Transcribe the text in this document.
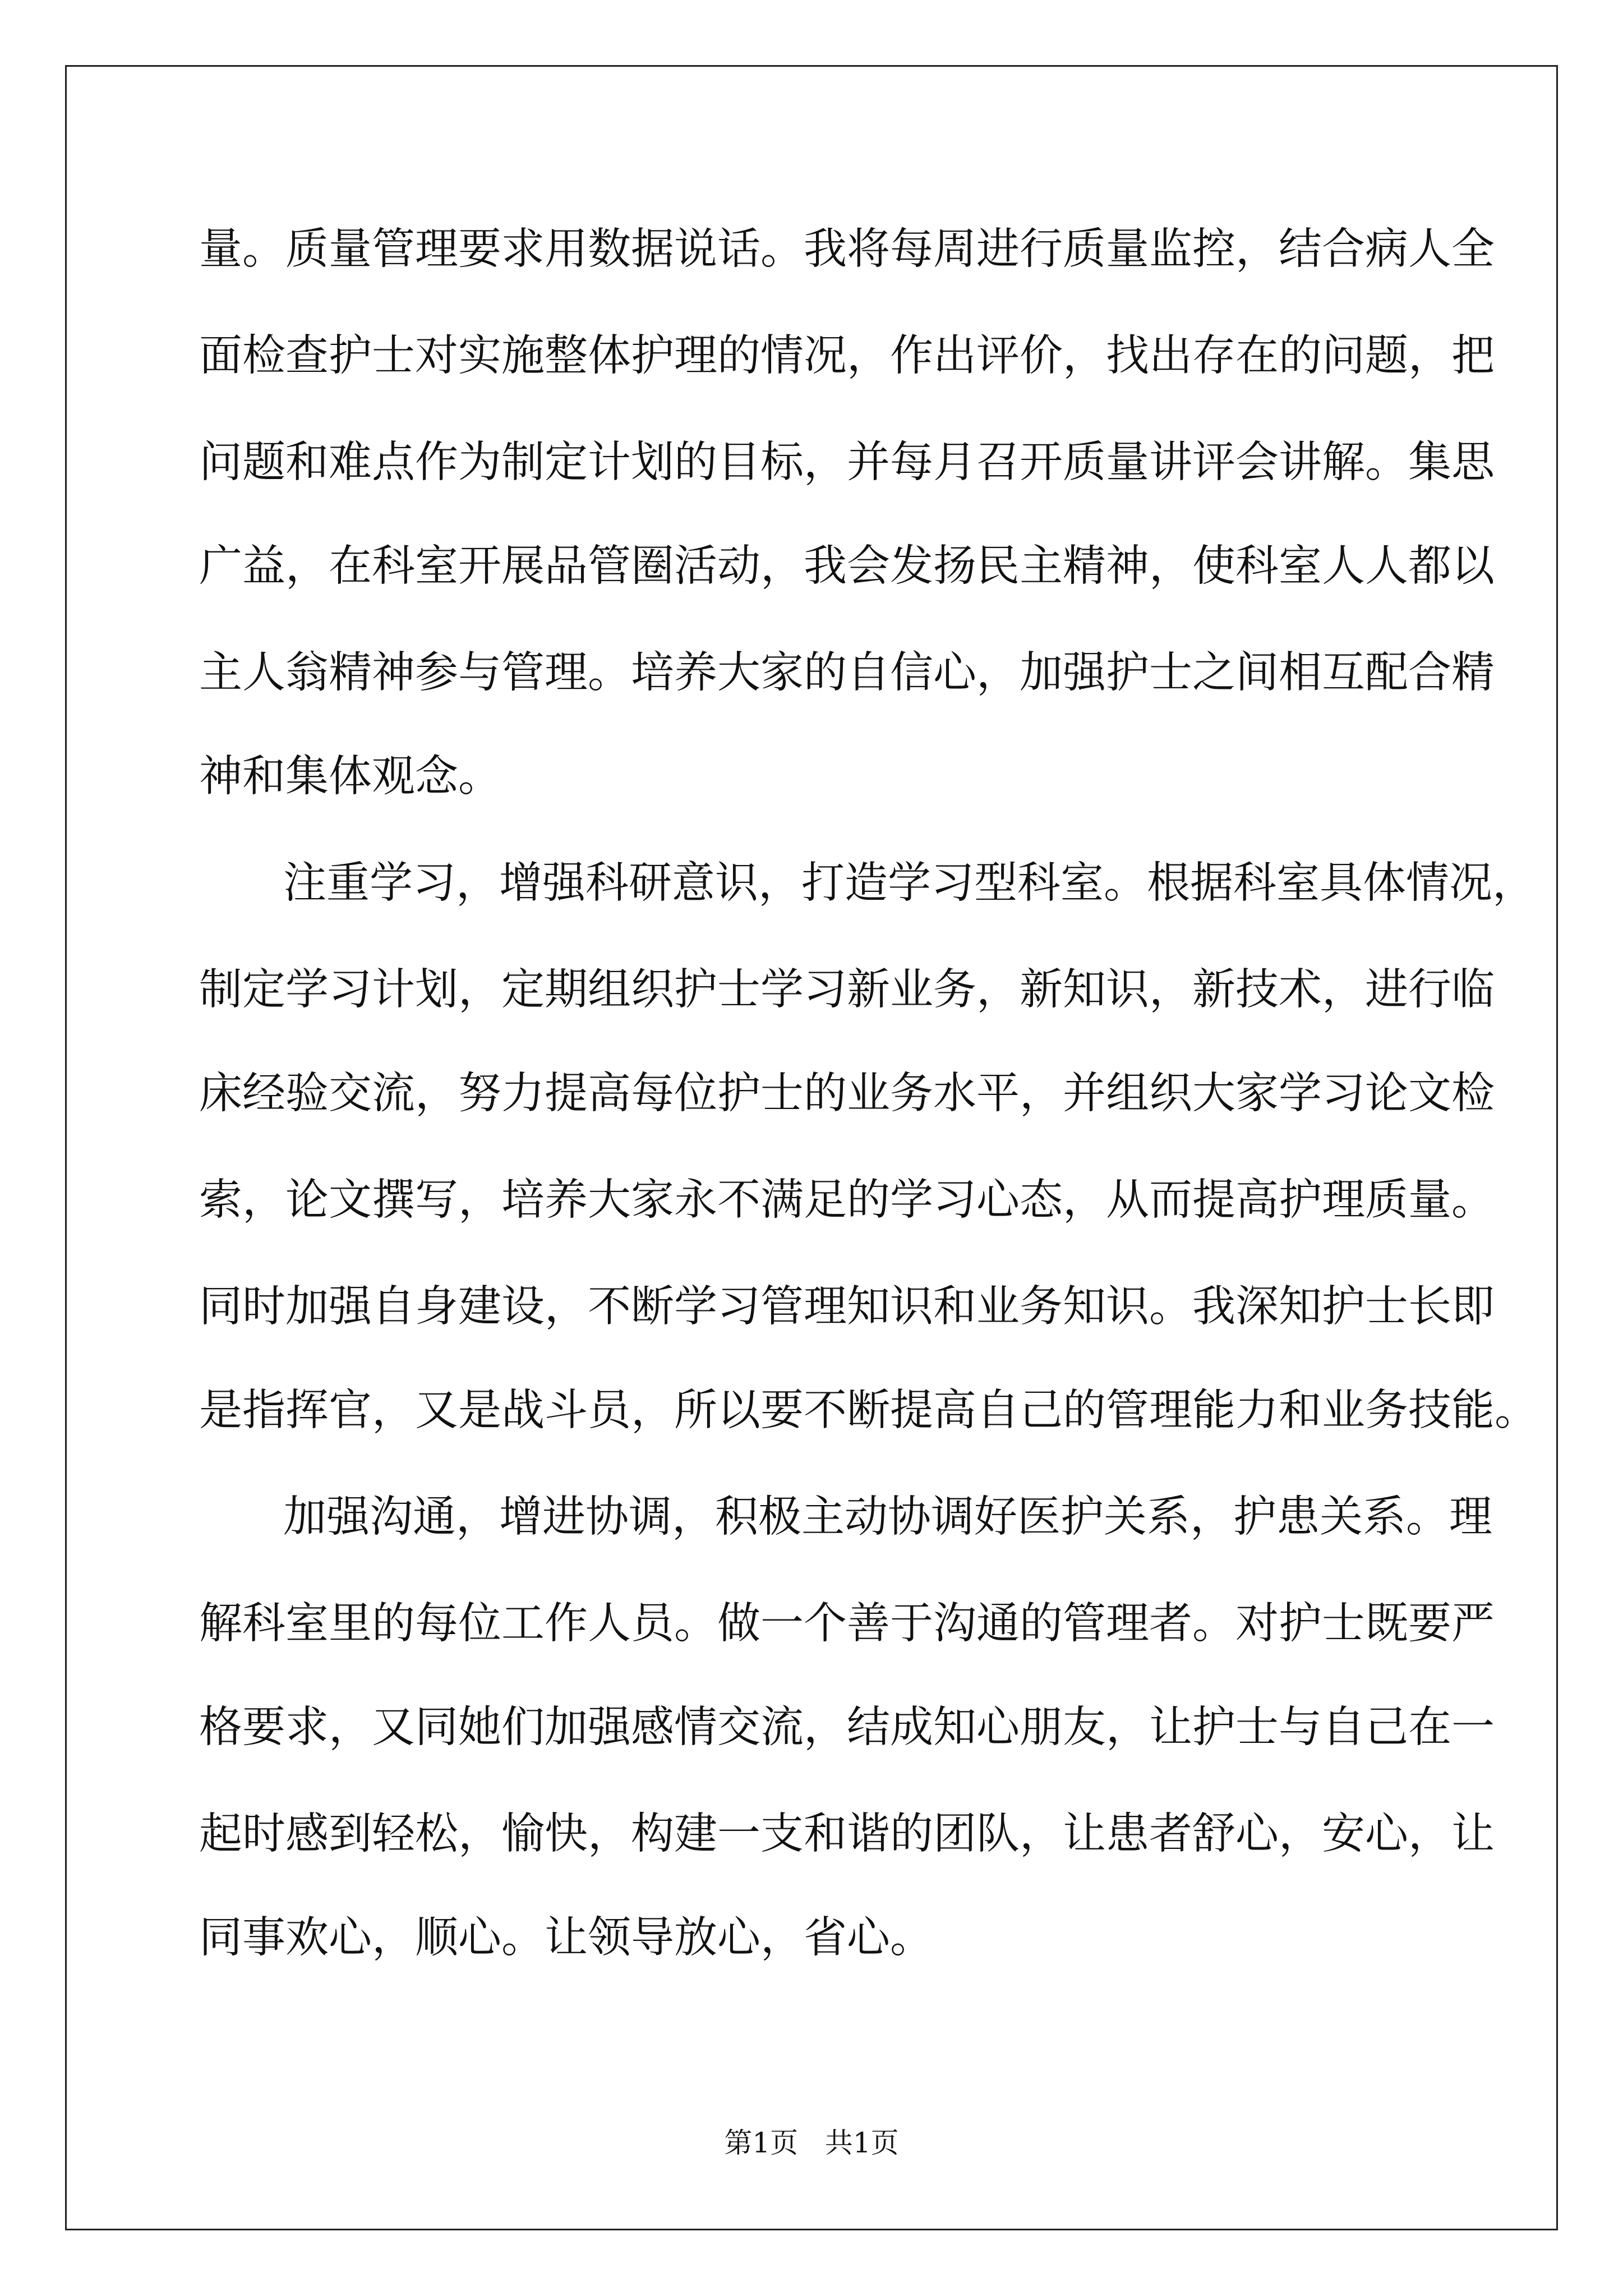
量。质量管理要求用数据说话。我将每周进行质量监控，结合病人全
面检查护士对实施整体护理的情况，作出评价，找出存在的问题，把
问题和难点作为制定计划的目标，并每月召开质量讲评会讲解。集思
广益，在科室开展品管圈活动，我会发扬民主精神，使科室人人都以
主人翁精神参与管理。培养大家的自信心，加强护士之间相互配合精
神和集体观念。
注重学习，增强科研意识，打造学习型科室。根据科室具体情况，
制定学习计划，定期组织护士学习新业务，新知识，新技术，进行临
床经验交流，努力提高每位护士的业务水平，并组织大家学习论文检
索，论文撰写，培养大家永不满足的学习心态，从而提高护理质量。
同时加强自身建设，不断学习管理知识和业务知识。我深知护士长即
是指挥官，又是战斗员，所以要不断提高自己的管理能力和业务技能。
加强沟通，增进协调，积极主动协调好医护关系，护患关系。理
解科室里的每位工作人员。做一个善于沟通的管理者。对护士既要严
格要求，又同她们加强感情交流，结成知心朋友，让护士与自己在一
起时感到轻松，愉快，构建一支和谐的团队，让患者舒心，安心，让
同事欢心，顺心。让领导放心，省心。
第1页   共1页
